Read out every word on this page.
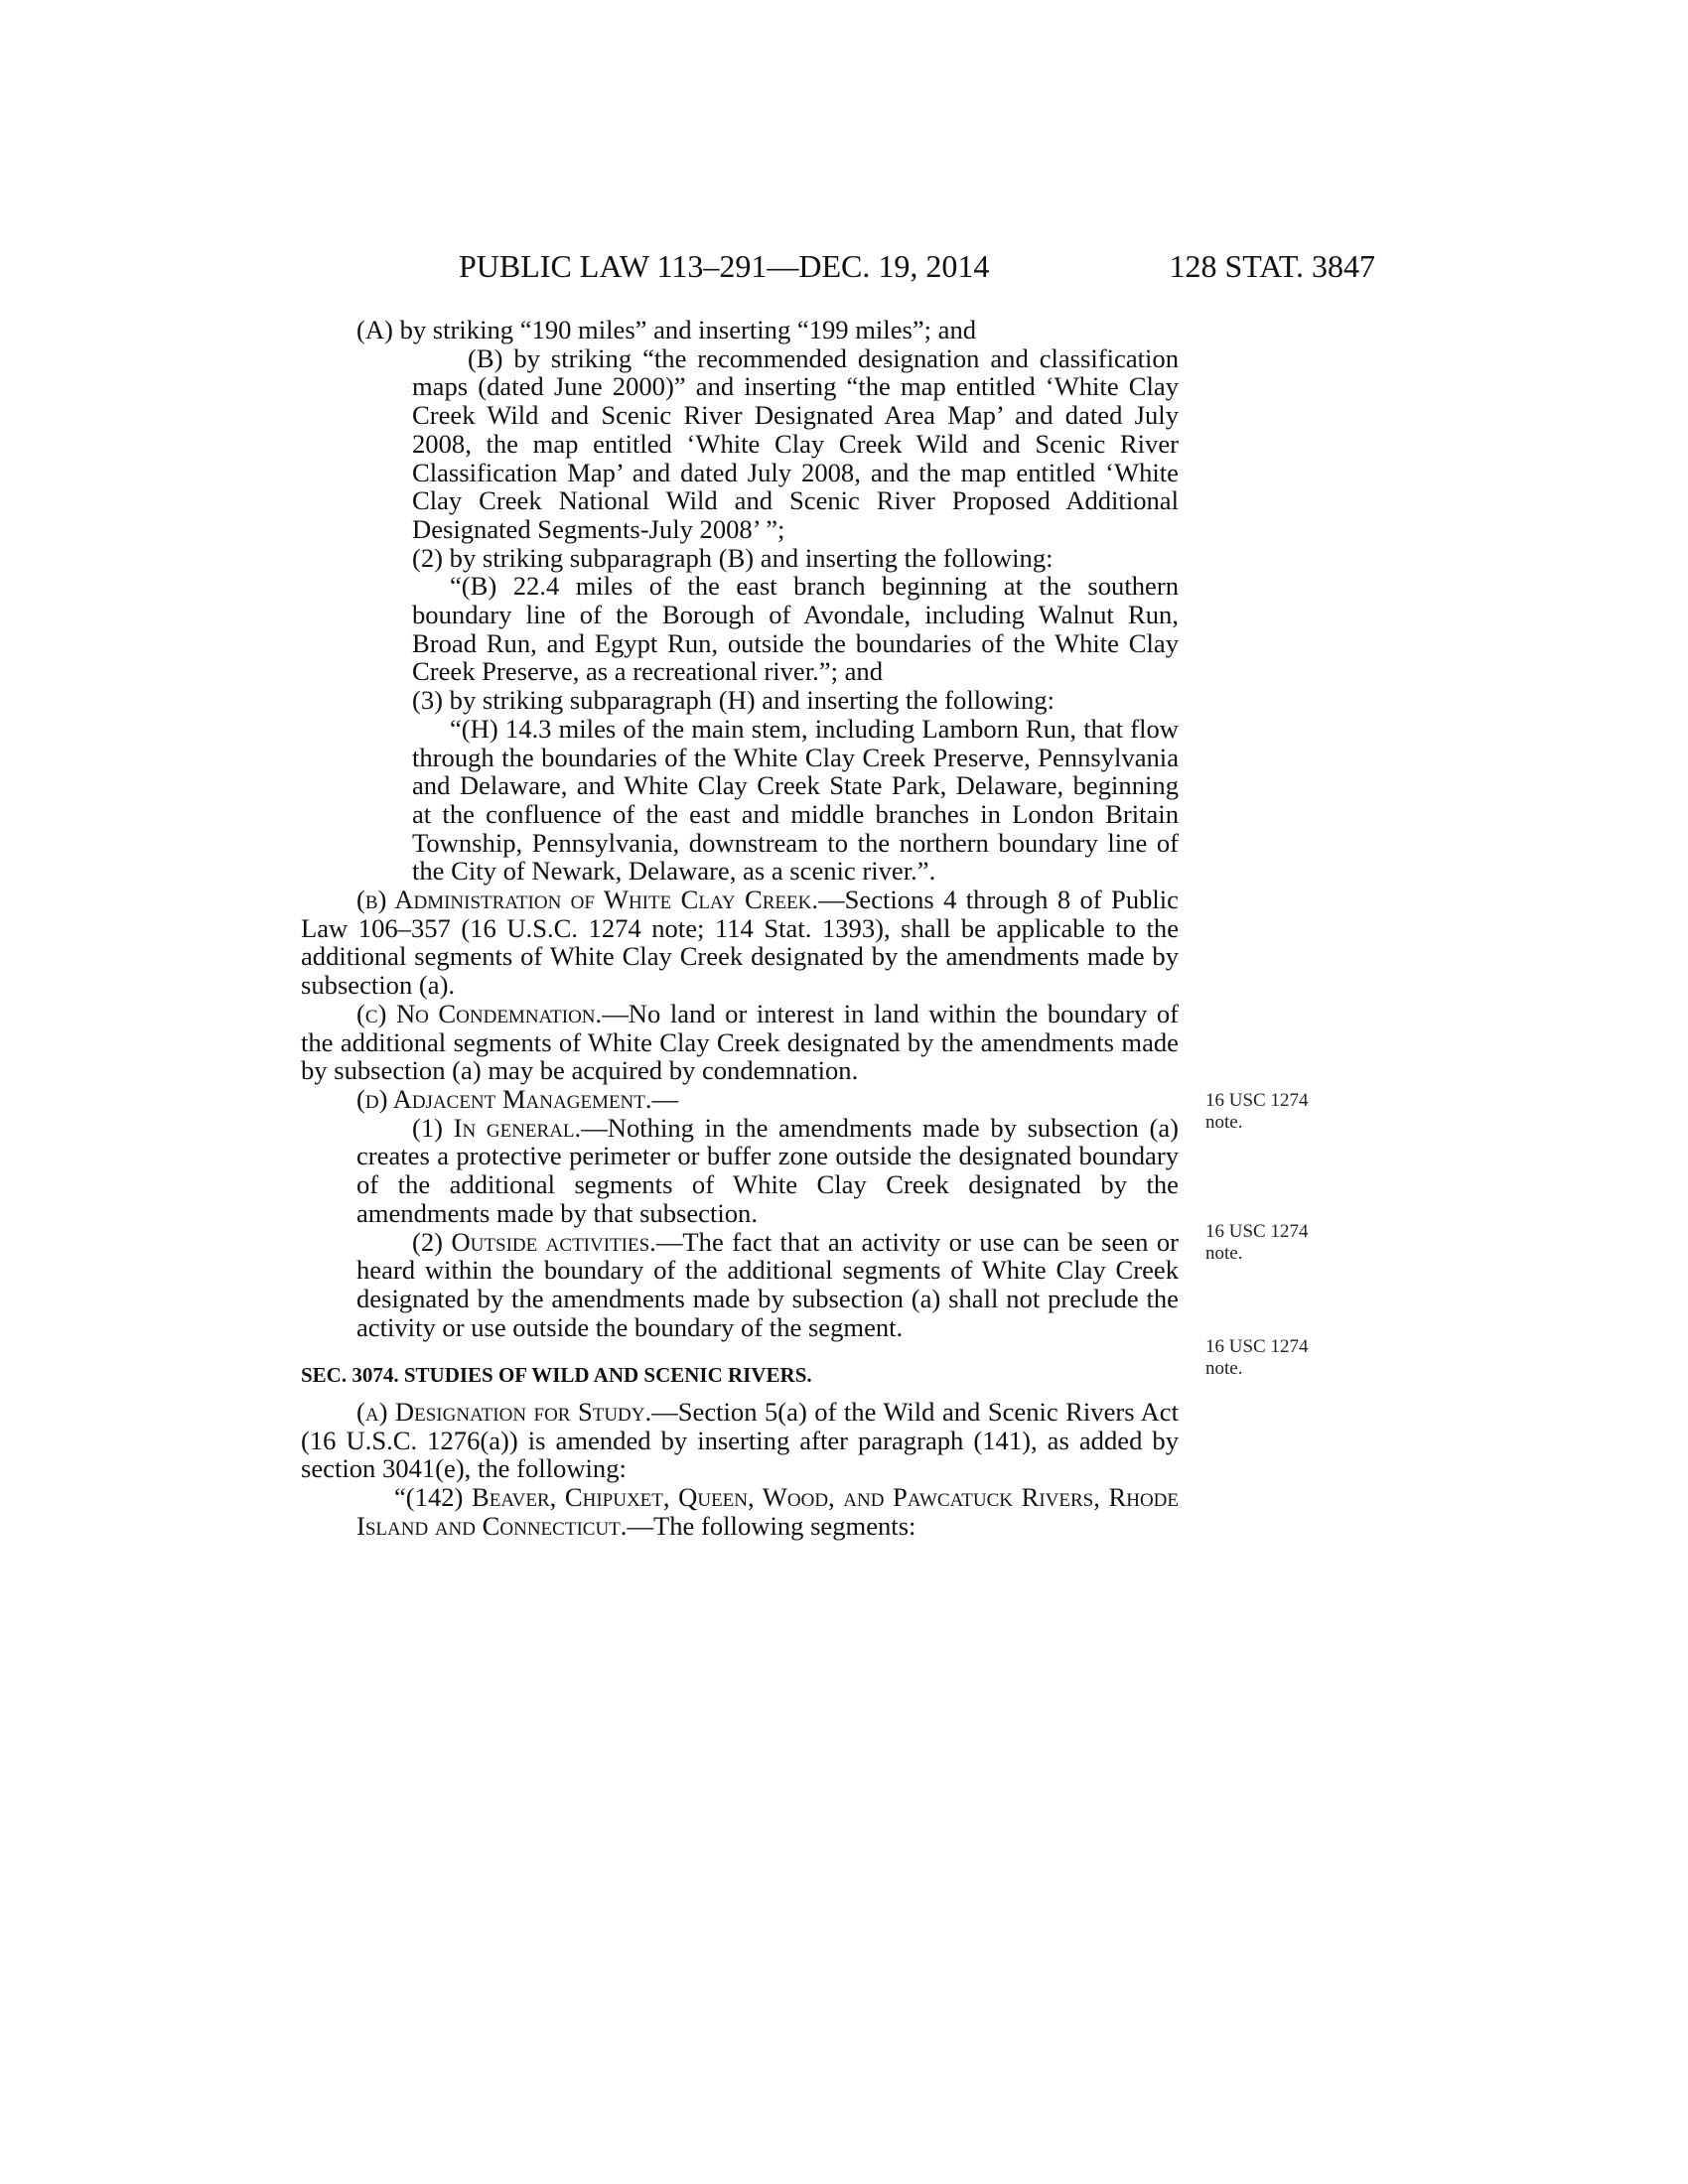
PUBLIC LAW 113–291—DEC. 19, 2014	128 STAT. 3847

(A) by striking “190 miles” and inserting “199 miles”; and

(B) by striking “the recommended designation and classification maps (dated June 2000)” and inserting “the map entitled ‘White Clay Creek Wild and Scenic River Designated Area Map’ and dated July 2008, the map entitled ‘White Clay Creek Wild and Scenic River Classification Map’ and dated July 2008, and the map entitled ‘White Clay Creek National Wild and Scenic River Proposed Additional Designated Segments-July 2008’ ”;

(2) by striking subparagraph (B) and inserting the following:

“(B) 22.4 miles of the east branch beginning at the southern boundary line of the Borough of Avondale, including Walnut Run, Broad Run, and Egypt Run, outside the boundaries of the White Clay Creek Preserve, as a recreational river.”; and

(3) by striking subparagraph (H) and inserting the following:

“(H) 14.3 miles of the main stem, including Lamborn Run, that flow through the boundaries of the White Clay Creek Preserve, Pennsylvania and Delaware, and White Clay Creek State Park, Delaware, beginning at the confluence of the east and middle branches in London Britain Township, Pennsylvania, downstream to the northern boundary line of the City of Newark, Delaware, as a scenic river.”.

(b) Administration of White Clay Creek.—Sections 4 through 8 of Public Law 106–357 (16 U.S.C. 1274 note; 114 Stat. 1393), shall be applicable to the additional segments of White Clay Creek designated by the amendments made by subsection (a).

(c) No Condemnation.—No land or interest in land within the boundary of the additional segments of White Clay Creek designated by the amendments made by subsection (a) may be acquired by condemnation.

(d) Adjacent Management.—

(1) In general.—Nothing in the amendments made by subsection (a) creates a protective perimeter or buffer zone outside the designated boundary of the additional segments of White Clay Creek designated by the amendments made by that subsection.

(2) Outside activities.—The fact that an activity or use can be seen or heard within the boundary of the additional segments of White Clay Creek designated by the amendments made by subsection (a) shall not preclude the activity or use outside the boundary of the segment.

SEC. 3074. STUDIES OF WILD AND SCENIC RIVERS.

(a) Designation for Study.—Section 5(a) of the Wild and Scenic Rivers Act (16 U.S.C. 1276(a)) is amended by inserting after paragraph (141), as added by section 3041(e), the following:

“(142) Beaver, Chipuxet, Queen, Wood, and Pawcatuck Rivers, Rhode Island and Connecticut.—The following segments:

16 USC 1274 note.
16 USC 1274 note.
16 USC 1274 note.
